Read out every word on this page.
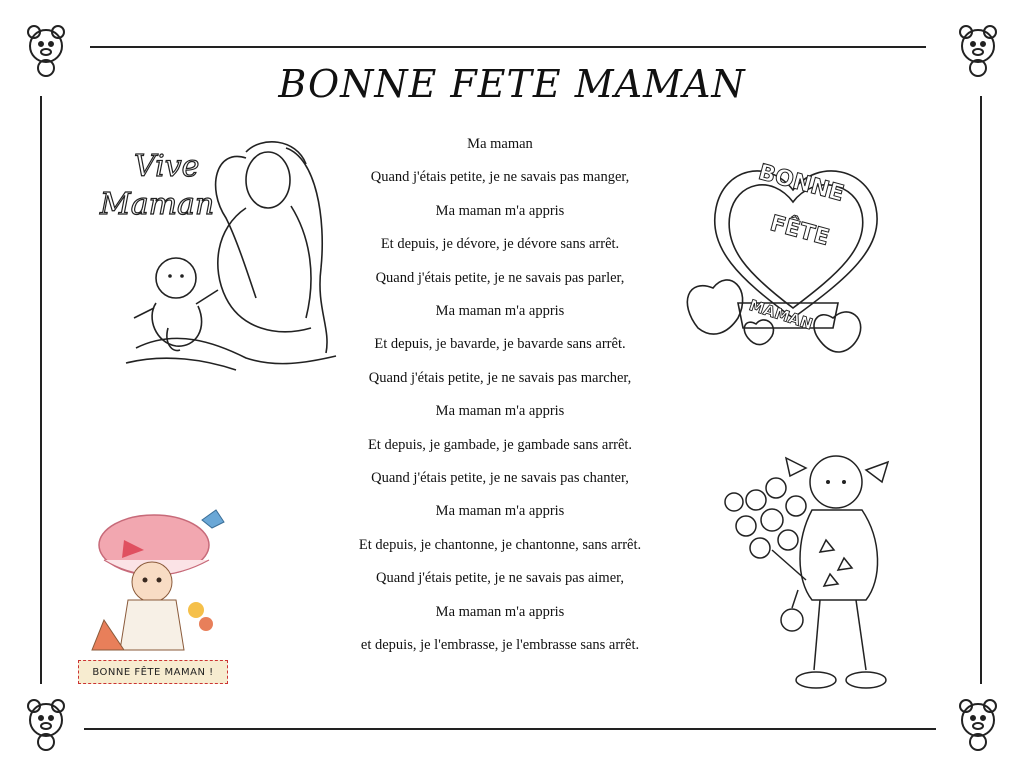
BONNE FETE MAMAN
Ma maman
Quand j'étais petite, je ne savais pas manger,
Ma maman m'a appris
Et depuis, je dévore, je dévore sans arrêt.
Quand j'étais petite, je ne savais pas parler,
Ma maman m'a appris
Et depuis, je bavarde, je bavarde sans arrêt.
Quand j'étais petite, je ne savais pas marcher,
Ma maman m'a appris
Et depuis, je gambade, je gambade sans arrêt.
Quand j'étais petite, je ne savais pas chanter,
Ma maman m'a appris
Et depuis, je chantonne, je chantonne, sans arrêt.
Quand j'étais petite, je ne savais pas aimer,
Ma maman m'a appris
et depuis, je l'embrasse, je l'embrasse sans arrêt.
Vive
Maman	BONNE
FÊTE
MAMAN
BONNE FÊTE MAMAN !
